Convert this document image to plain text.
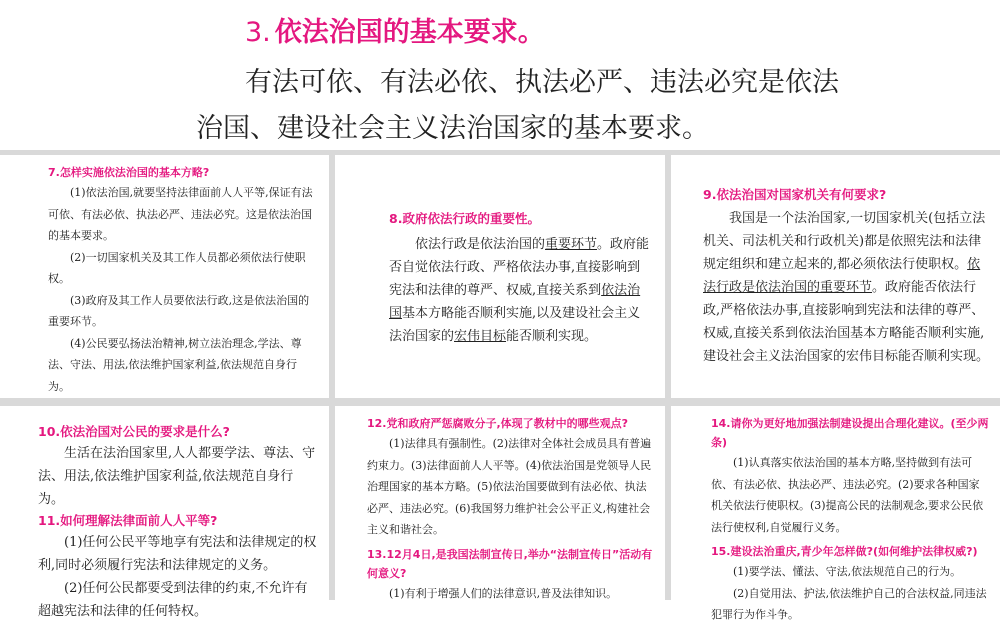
3. 依法治国的基本要求。
有法可依、有法必依、执法必严、违法必究是依法
治国、建设社会主义法治国家的基本要求。
7.怎样实施依法治国的基本方略?

(1)依法治国,就要坚持法律面前人人平等,保证有法可依、有法必依、执法必严、违法必究。这是依法治国的基本要求。

(2)一切国家机关及其工作人员都必须依法行使职权。

(3)政府及其工作人员要依法行政,这是依法治国的重要环节。

(4)公民要弘扬法治精神,树立法治理念,学法、尊法、守法、用法,依法维护国家利益,依法规范自身行为。

8.政府依法行政的重要性。

依法行政是依法治国的重要环节。政府能否自觉依法行政、严格依法办事,直接影响到宪法和法律的尊严、权威,直接关系到依法治国基本方略能否顺利实施,以及建设社会主义法治国家的宏伟目标能否顺利实现。

9.依法治国对国家机关有何要求?

我国是一个法治国家,一切国家机关(包括立法机关、司法机关和行政机关)都是依照宪法和法律规定组织和建立起来的,都必须依法行使职权。依法行政是依法治国的重要环节。政府能否依法行政,严格依法办事,直接影响到宪法和法律的尊严、权威,直接关系到依法治国基本方略能否顺利实施,建设社会主义法治国家的宏伟目标能否顺利实现。

10.依法治国对公民的要求是什么?

生活在法治国家里,人人都要学法、尊法、守法、用法,依法维护国家利益,依法规范自身行为。

11.如何理解法律面前人人平等?

(1)任何公民平等地享有宪法和法律规定的权利,同时必须履行宪法和法律规定的义务。

(2)任何公民都要受到法律的约束,不允许有超越宪法和法律的任何特权。

12.党和政府严惩腐败分子,体现了教材中的哪些观点?

(1)法律具有强制性。(2)法律对全体社会成员具有普遍约束力。(3)法律面前人人平等。(4)依法治国是党领导人民治理国家的基本方略。(5)依法治国要做到有法必依、执法必严、违法必究。(6)我国努力维护社会公平正义,构建社会主义和谐社会。

13.12月4日,是我国法制宣传日,举办“法制宣传日”活动有何意义?

(1)有利于增强人们的法律意识,普及法律知识。

14.请你为更好地加强法制建设提出合理化建议。(至少两条)

(1)认真落实依法治国的基本方略,坚持做到有法可依、有法必依、执法必严、违法必究。(2)要求各种国家机关依法行使职权。(3)提高公民的法制观念,要求公民依法行使权利,自觉履行义务。

15.建设法治重庆,青少年怎样做?(如何维护法律权威?)

(1)要学法、懂法、守法,依法规范自己的行为。

(2)自觉用法、护法,依法维护自己的合法权益,同违法犯罪行为作斗争。
